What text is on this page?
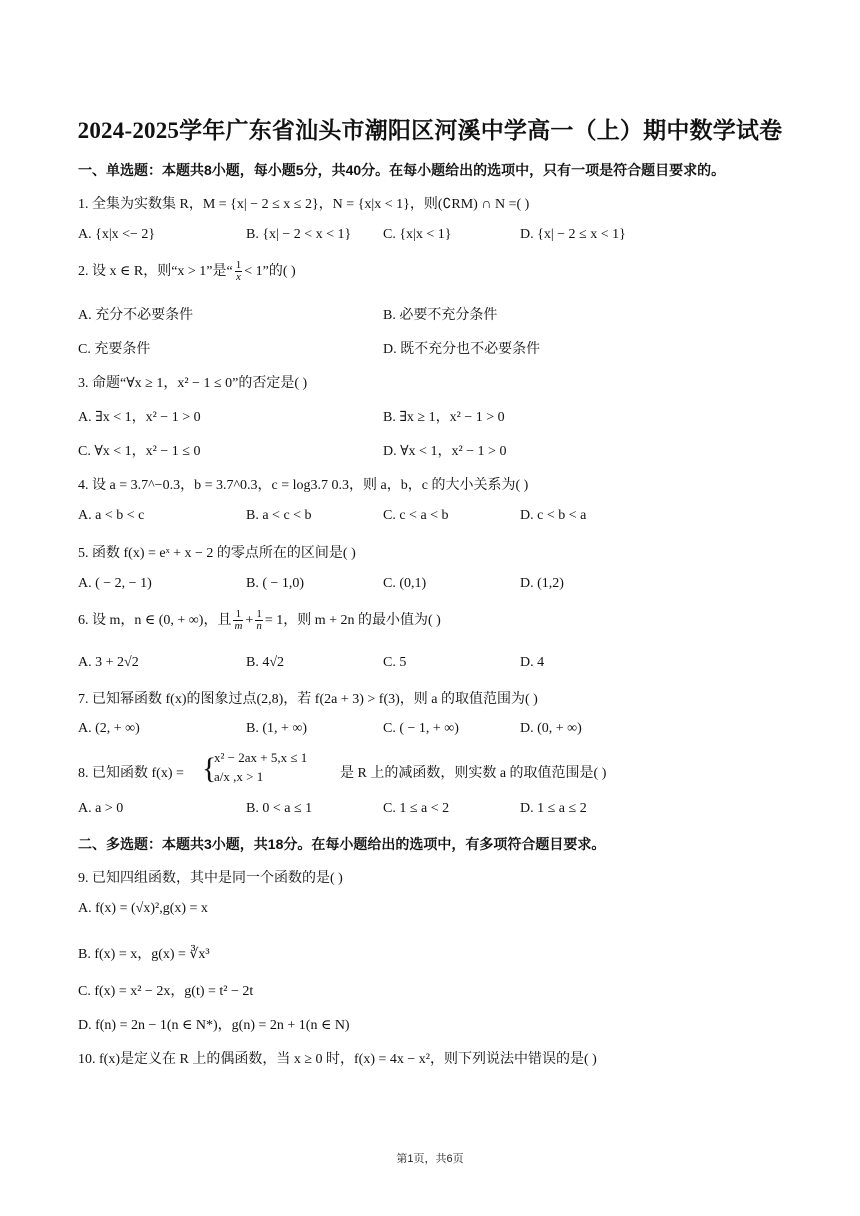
2024-2025学年广东省汕头市潮阳区河溪中学高一（上）期中数学试卷
一、单选题：本题共8小题，每小题5分，共40分。在每小题给出的选项中，只有一项是符合题目要求的。
1. 全集为实数集 R，M = {x| − 2 ≤ x ≤ 2}，N = {x|x < 1}，则(∁RM) ∩ N =( )
A. {x|x <− 2}	B. {x| − 2 < x < 1} C. {x|x < 1}	D. {x| − 2 ≤ x < 1}
2. 设 x ∈ R，则“x > 1”是“ $\frac{1}{x} < 1$”的( )
A. 充分不必要条件	B. 必要不充分条件
C. 充要条件	D. 既不充分也不必要条件
3. 命题“∀x ≥ 1，x² − 1 ≤ 0”的否定是( )
A. ∃x < 1，x² − 1 > 0	B. ∃x ≥ 1，x² − 1 > 0
C. ∀x < 1，x² − 1 ≤ 0	D. ∀x < 1，x² − 1 > 0
4. 设 a = 3.7^−0.3，b = 3.7^0.3，c = log3.7 0.3，则 a，b，c 的大小关系为( )
A. a < b < c	B. a < c < b	C. c < a < b	D. c < b < a
5. 函数 f(x) = eˣ + x − 2 的零点所在的区间是( )
A. ( − 2, − 1)	B. ( − 1,0)	C. (0,1)	D. (1,2)
6. 设 m，n ∈ (0, + ∞)，且 $\frac{1}{m} + \frac{1}{n} = 1$，则 m + 2n 的最小值为( )
A. 3 + 2√2	B. 4√2	C. 5	D. 4
7. 已知幂函数 f(x)的图象过点(2,8)，若 f(2a + 3) > f(3)，则 a 的取值范围为( )
A. (2, + ∞)	B. (1, + ∞)	C. ( − 1, + ∞)	D. (0, + ∞)
8. 已知函数 f(x) = {
x² − 2ax + 5,x ≤ 1
a/x ,x > 1	是 R 上的减函数，则实数 a 的取值范围是( )
A. a > 0	B. 0 < a ≤ 1	C. 1 ≤ a < 2	D. 1 ≤ a ≤ 2
二、多选题：本题共3小题，共18分。在每小题给出的选项中，有多项符合题目要求。
9. 已知四组函数，其中是同一个函数的是( )
A. f(x) = (√x)²,g(x) = x
B. f(x) = x，g(x) = ∛x³
C. f(x) = x² − 2x，g(t) = t² − 2t
D. f(n) = 2n − 1(n ∈ N*)，g(n) = 2n + 1(n ∈ N)
10. f(x)是定义在 R 上的偶函数，当 x ≥ 0 时，f(x) = 4x − x²，则下列说法中错误的是( )
第1页，共6页
